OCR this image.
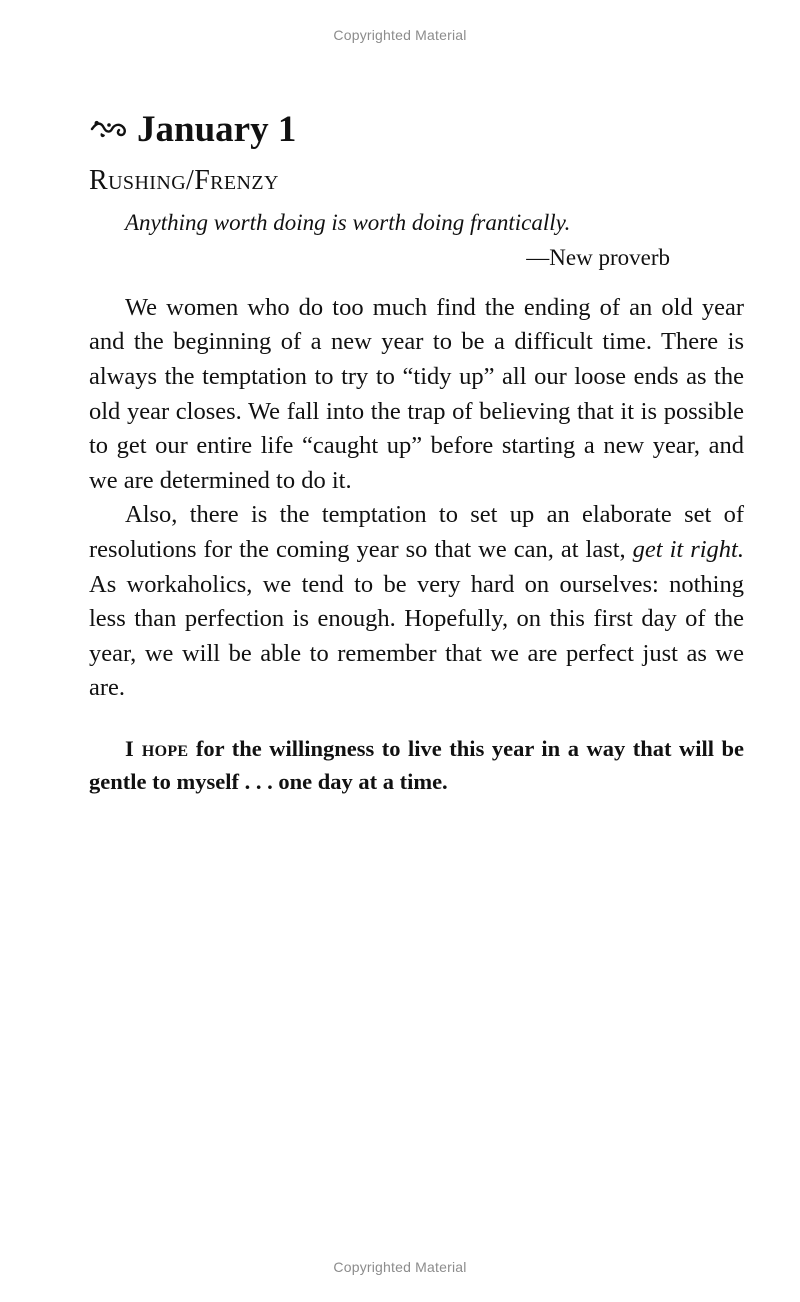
Copyrighted Material
January 1
Rushing/Frenzy
Anything worth doing is worth doing frantically.
—New proverb

We women who do too much find the ending of an old year and the beginning of a new year to be a difficult time. There is always the temptation to try to “tidy up” all our loose ends as the old year closes. We fall into the trap of believing that it is possible to get our entire life “caught up” before starting a new year, and we are determined to do it.

Also, there is the temptation to set up an elaborate set of resolutions for the coming year so that we can, at last, get it right. As workaholics, we tend to be very hard on ourselves: nothing less than perfection is enough. Hopefully, on this first day of the year, we will be able to remember that we are perfect just as we are.

I hope for the willingness to live this year in a way that will be gentle to myself . . . one day at a time.
Copyrighted Material
